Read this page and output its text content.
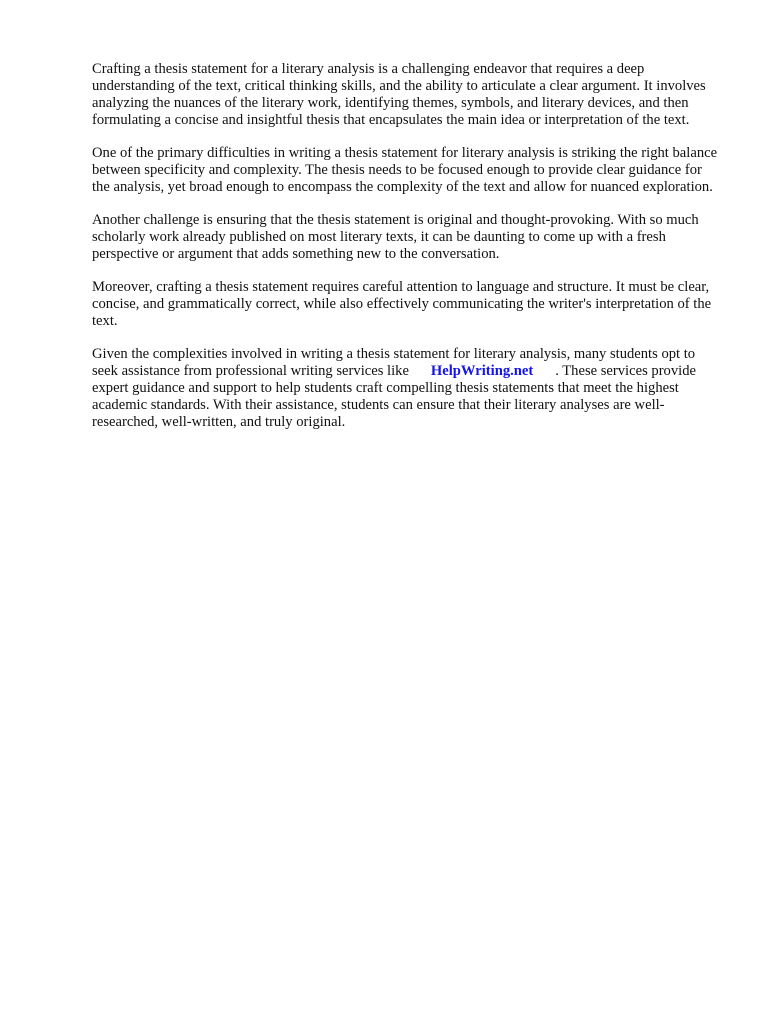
Crafting a thesis statement for a literary analysis is a challenging endeavor that requires a deep understanding of the text, critical thinking skills, and the ability to articulate a clear argument. It involves analyzing the nuances of the literary work, identifying themes, symbols, and literary devices, and then formulating a concise and insightful thesis that encapsulates the main idea or interpretation of the text.

One of the primary difficulties in writing a thesis statement for literary analysis is striking the right balance between specificity and complexity. The thesis needs to be focused enough to provide clear guidance for the analysis, yet broad enough to encompass the complexity of the text and allow for nuanced exploration.

Another challenge is ensuring that the thesis statement is original and thought-provoking. With so much scholarly work already published on most literary texts, it can be daunting to come up with a fresh perspective or argument that adds something new to the conversation.

Moreover, crafting a thesis statement requires careful attention to language and structure. It must be clear, concise, and grammatically correct, while also effectively communicating the writer's interpretation of the text.

Given the complexities involved in writing a thesis statement for literary analysis, many students opt to seek assistance from professional writing services like HelpWriting.net . These services provide expert guidance and support to help students craft compelling thesis statements that meet the highest academic standards. With their assistance, students can ensure that their literary analyses are well-researched, well-written, and truly original.
